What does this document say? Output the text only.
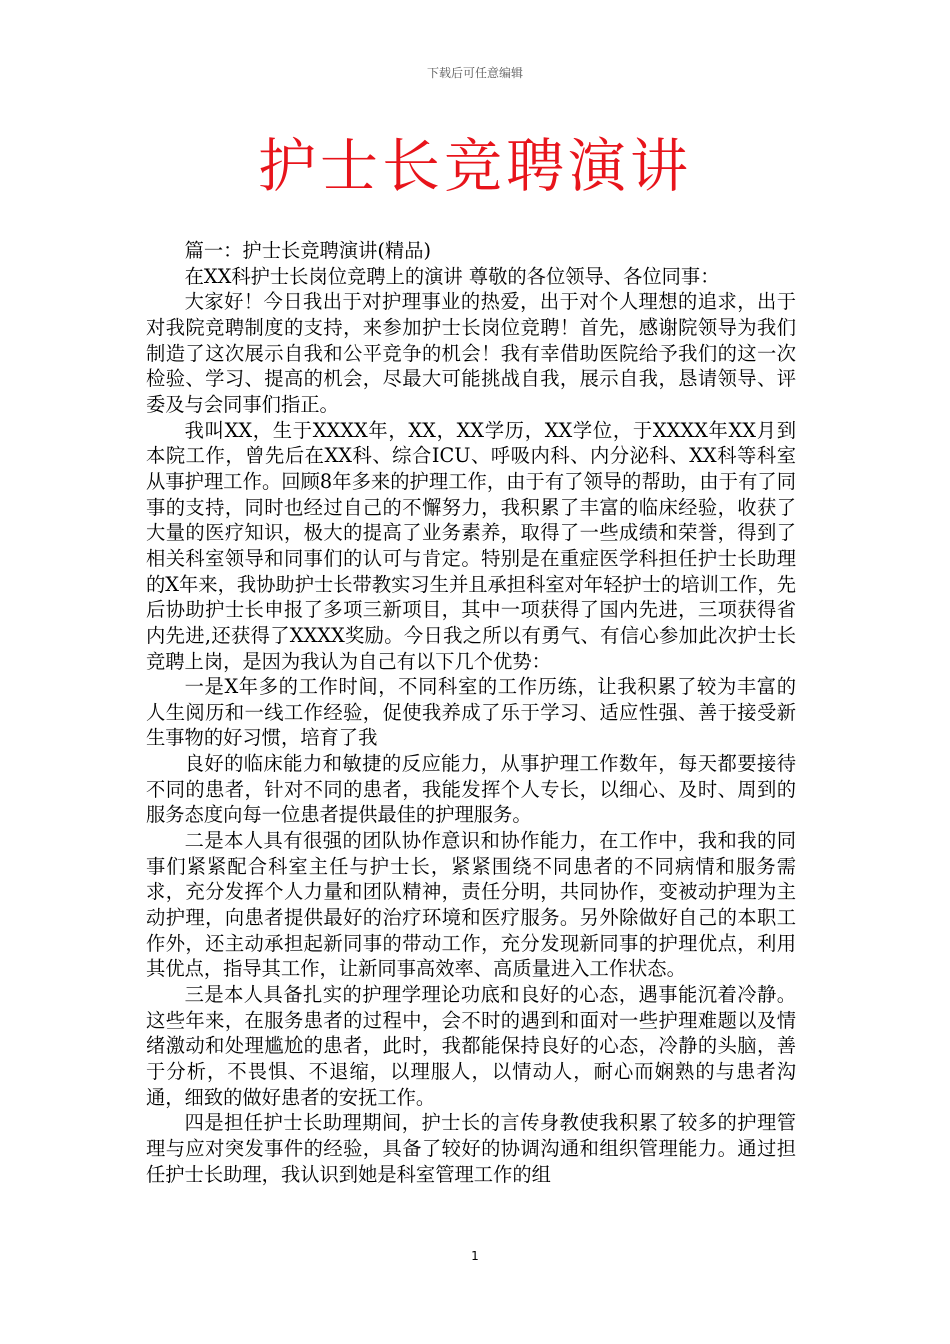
下载后可任意编辑
护士长竞聘演讲

篇一：护士长竞聘演讲(精品)

在XX科护士长岗位竞聘上的演讲 尊敬的各位领导、各位同事：

大家好！今日我出于对护理事业的热爱，出于对个人理想的追求，出于对我院竞聘制度的支持，来参加护士长岗位竞聘！首先，感谢院领导为我们制造了这次展示自我和公平竞争的机会！我有幸借助医院给予我们的这一次检验、学习、提高的机会，尽最大可能挑战自我，展示自我，恳请领导、评委及与会同事们指正。

我叫XX，生于XXXX年，XX，XX学历，XX学位，于XXXX年XX月到本院工作，曾先后在XX科、综合ICU、呼吸内科、内分泌科、XX科等科室从事护理工作。回顾8年多来的护理工作，由于有了领导的帮助，由于有了同事的支持，同时也经过自己的不懈努力，我积累了丰富的临床经验，收获了大量的医疗知识，极大的提高了业务素养，取得了一些成绩和荣誉，得到了相关科室领导和同事们的认可与肯定。特别是在重症医学科担任护士长助理的X年来，我协助护士长带教实习生并且承担科室对年轻护士的培训工作，先后协助护士长申报了多项三新项目，其中一项获得了国内先进，三项获得省内先进,还获得了XXXX奖励。今日我之所以有勇气、有信心参加此次护士长竞聘上岗，是因为我认为自己有以下几个优势：

一是X年多的工作时间，不同科室的工作历练，让我积累了较为丰富的人生阅历和一线工作经验，促使我养成了乐于学习、适应性强、善于接受新生事物的好习惯，培育了我

良好的临床能力和敏捷的反应能力，从事护理工作数年，每天都要接待不同的患者，针对不同的患者，我能发挥个人专长，以细心、及时、周到的服务态度向每一位患者提供最佳的护理服务。

二是本人具有很强的团队协作意识和协作能力，在工作中，我和我的同事们紧紧配合科室主任与护士长，紧紧围绕不同患者的不同病情和服务需求，充分发挥个人力量和团队精神，责任分明，共同协作，变被动护理为主动护理，向患者提供最好的治疗环境和医疗服务。另外除做好自己的本职工作外，还主动承担起新同事的带动工作，充分发现新同事的护理优点，利用其优点，指导其工作，让新同事高效率、高质量进入工作状态。

三是本人具备扎实的护理学理论功底和良好的心态，遇事能沉着冷静。这些年来，在服务患者的过程中，会不时的遇到和面对一些护理难题以及情绪激动和处理尴尬的患者，此时，我都能保持良好的心态，冷静的头脑，善于分析，不畏惧、不退缩，以理服人，以情动人，耐心而娴熟的与患者沟通，细致的做好患者的安抚工作。

四是担任护士长助理期间，护士长的言传身教使我积累了较多的护理管理与应对突发事件的经验，具备了较好的协调沟通和组织管理能力。通过担任护士长助理，我认识到她是科室管理工作的组

1
